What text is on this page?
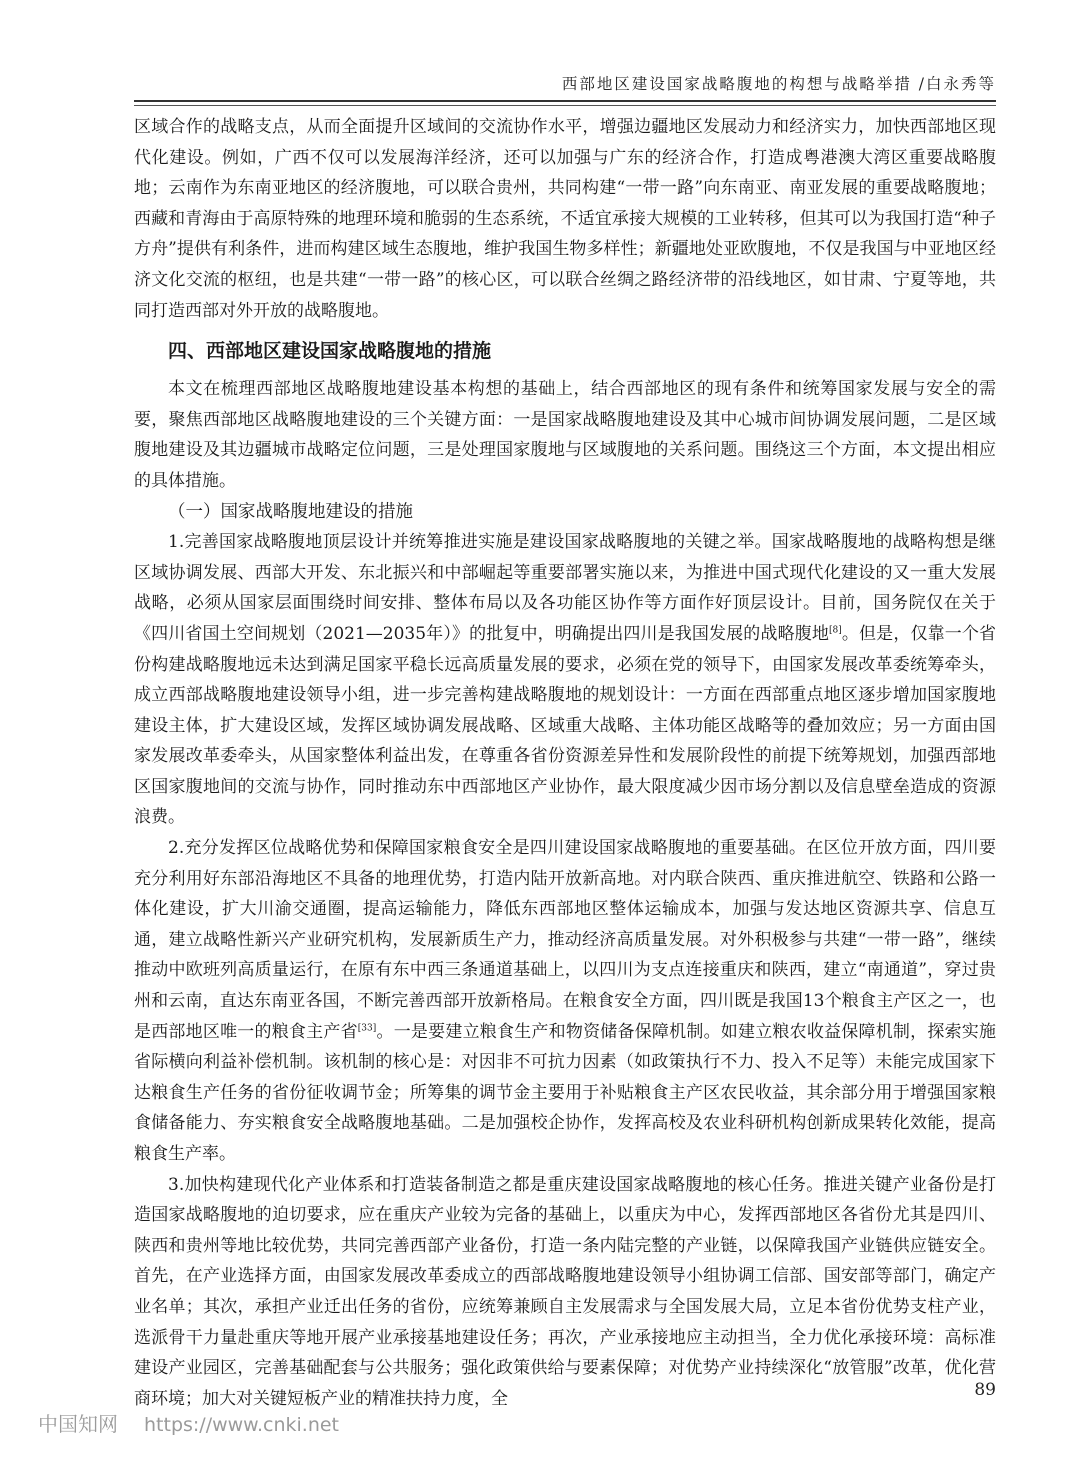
西部地区建设国家战略腹地的构想与战略举措 /白永秀等

区域合作的战略支点，从而全面提升区域间的交流协作水平，增强边疆地区发展动力和经济实力，加快西部地区现代化建设。例如，广西不仅可以发展海洋经济，还可以加强与广东的经济合作，打造成粤港澳大湾区重要战略腹地；云南作为东南亚地区的经济腹地，可以联合贵州，共同构建“一带一路”向东南亚、南亚发展的重要战略腹地；西藏和青海由于高原特殊的地理环境和脆弱的生态系统，不适宜承接大规模的工业转移，但其可以为我国打造“种子方舟”提供有利条件，进而构建区域生态腹地，维护我国生物多样性；新疆地处亚欧腹地，不仅是我国与中亚地区经济文化交流的枢纽，也是共建“一带一路”的核心区，可以联合丝绸之路经济带的沿线地区，如甘肃、宁夏等地，共同打造西部对外开放的战略腹地。

四、西部地区建设国家战略腹地的措施

本文在梳理西部地区战略腹地建设基本构想的基础上，结合西部地区的现有条件和统筹国家发展与安全的需要，聚焦西部地区战略腹地建设的三个关键方面：一是国家战略腹地建设及其中心城市间协调发展问题，二是区域腹地建设及其边疆城市战略定位问题，三是处理国家腹地与区域腹地的关系问题。围绕这三个方面，本文提出相应的具体措施。

（一）国家战略腹地建设的措施

1.完善国家战略腹地顶层设计并统筹推进实施是建设国家战略腹地的关键之举。国家战略腹地的战略构想是继区域协调发展、西部大开发、东北振兴和中部崛起等重要部署实施以来，为推进中国式现代化建设的又一重大发展战略，必须从国家层面围绕时间安排、整体布局以及各功能区协作等方面作好顶层设计。目前，国务院仅在关于《四川省国土空间规划（2021—2035年）》的批复中，明确提出四川是我国发展的战略腹地[8]。但是，仅靠一个省份构建战略腹地远未达到满足国家平稳长远高质量发展的要求，必须在党的领导下，由国家发展改革委统筹牵头，成立西部战略腹地建设领导小组，进一步完善构建战略腹地的规划设计：一方面在西部重点地区逐步增加国家腹地建设主体，扩大建设区域，发挥区域协调发展战略、区域重大战略、主体功能区战略等的叠加效应；另一方面由国家发展改革委牵头，从国家整体利益出发，在尊重各省份资源差异性和发展阶段性的前提下统筹规划，加强西部地区国家腹地间的交流与协作，同时推动东中西部地区产业协作，最大限度减少因市场分割以及信息壁垒造成的资源浪费。

2.充分发挥区位战略优势和保障国家粮食安全是四川建设国家战略腹地的重要基础。在区位开放方面，四川要充分利用好东部沿海地区不具备的地理优势，打造内陆开放新高地。对内联合陕西、重庆推进航空、铁路和公路一体化建设，扩大川渝交通圈，提高运输能力，降低东西部地区整体运输成本，加强与发达地区资源共享、信息互通，建立战略性新兴产业研究机构，发展新质生产力，推动经济高质量发展。对外积极参与共建“一带一路”，继续推动中欧班列高质量运行，在原有东中西三条通道基础上，以四川为支点连接重庆和陕西，建立“南通道”，穿过贵州和云南，直达东南亚各国，不断完善西部开放新格局。在粮食安全方面，四川既是我国13个粮食主产区之一，也是西部地区唯一的粮食主产省[33]。一是要建立粮食生产和物资储备保障机制。如建立粮农收益保障机制，探索实施省际横向利益补偿机制。该机制的核心是：对因非不可抗力因素（如政策执行不力、投入不足等）未能完成国家下达粮食生产任务的省份征收调节金；所筹集的调节金主要用于补贴粮食主产区农民收益，其余部分用于增强国家粮食储备能力、夯实粮食安全战略腹地基础。二是加强校企协作，发挥高校及农业科研机构创新成果转化效能，提高粮食生产率。

3.加快构建现代化产业体系和打造装备制造之都是重庆建设国家战略腹地的核心任务。推进关键产业备份是打造国家战略腹地的迫切要求，应在重庆产业较为完备的基础上，以重庆为中心，发挥西部地区各省份尤其是四川、陕西和贵州等地比较优势，共同完善西部产业备份，打造一条内陆完整的产业链，以保障我国产业链供应链安全。首先，在产业选择方面，由国家发展改革委成立的西部战略腹地建设领导小组协调工信部、国安部等部门，确定产业名单；其次，承担产业迁出任务的省份，应统筹兼顾自主发展需求与全国发展大局，立足本省份优势支柱产业，选派骨干力量赴重庆等地开展产业承接基地建设任务；再次，产业承接地应主动担当，全力优化承接环境：高标准建设产业园区，完善基础配套与公共服务；强化政策供给与要素保障；对优势产业持续深化“放管服”改革，优化营商环境；加大对关键短板产业的精准扶持力度，全	89
中国知网 https://www.cnki.net
